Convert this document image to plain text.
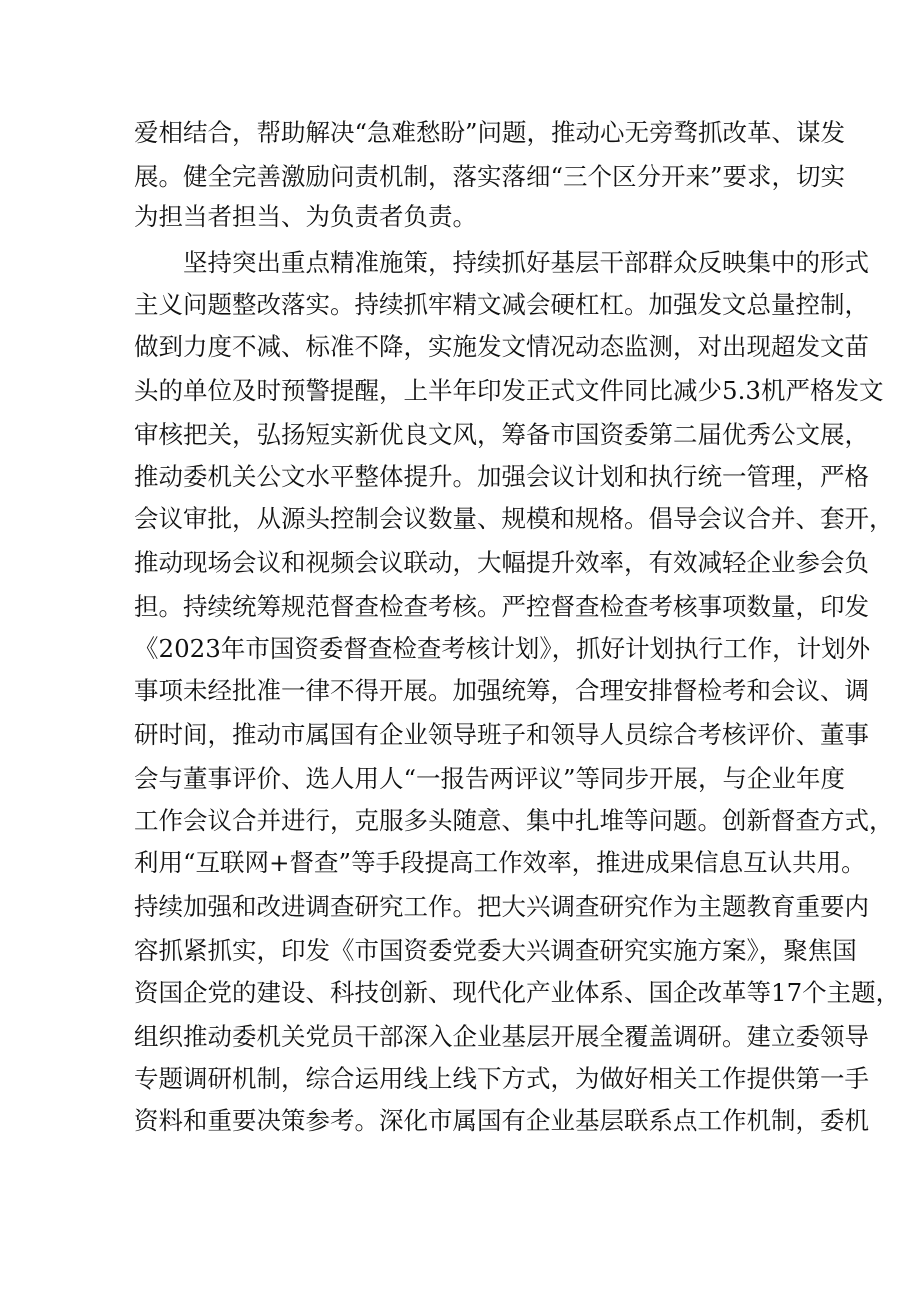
爱相结合，帮助解决“急难愁盼”问题，推动心无旁骛抓改革、谋发
展。健全完善激励问责机制，落实落细“三个区分开来”要求，切实
为担当者担当、为负责者负责。
坚持突出重点精准施策，持续抓好基层干部群众反映集中的形式
主义问题整改落实。持续抓牢精文减会硬杠杠。加强发文总量控制，
做到力度不减、标准不降，实施发文情况动态监测，对出现超发文苗
头的单位及时预警提醒，上半年印发正式文件同比减少5.3机严格发文
审核把关，弘扬短实新优良文风，筹备市国资委第二届优秀公文展，
推动委机关公文水平整体提升。加强会议计划和执行统一管理，严格
会议审批，从源头控制会议数量、规模和规格。倡导会议合并、套开，
推动现场会议和视频会议联动，大幅提升效率，有效减轻企业参会负
担。持续统筹规范督查检查考核。严控督查检查考核事项数量，印发
《2023年市国资委督查检查考核计划》，抓好计划执行工作，计划外
事项未经批准一律不得开展。加强统筹，合理安排督检考和会议、调
研时间，推动市属国有企业领导班子和领导人员综合考核评价、董事
会与董事评价、选人用人“一报告两评议”等同步开展，与企业年度
工作会议合并进行，克服多头随意、集中扎堆等问题。创新督查方式，
利用“互联网+督查”等手段提高工作效率，推进成果信息互认共用。
持续加强和改进调查研究工作。把大兴调查研究作为主题教育重要内
容抓紧抓实，印发《市国资委党委大兴调查研究实施方案》，聚焦国
资国企党的建设、科技创新、现代化产业体系、国企改革等17个主题，
组织推动委机关党员干部深入企业基层开展全覆盖调研。建立委领导
专题调研机制，综合运用线上线下方式，为做好相关工作提供第一手
资料和重要决策参考。深化市属国有企业基层联系点工作机制，委机
